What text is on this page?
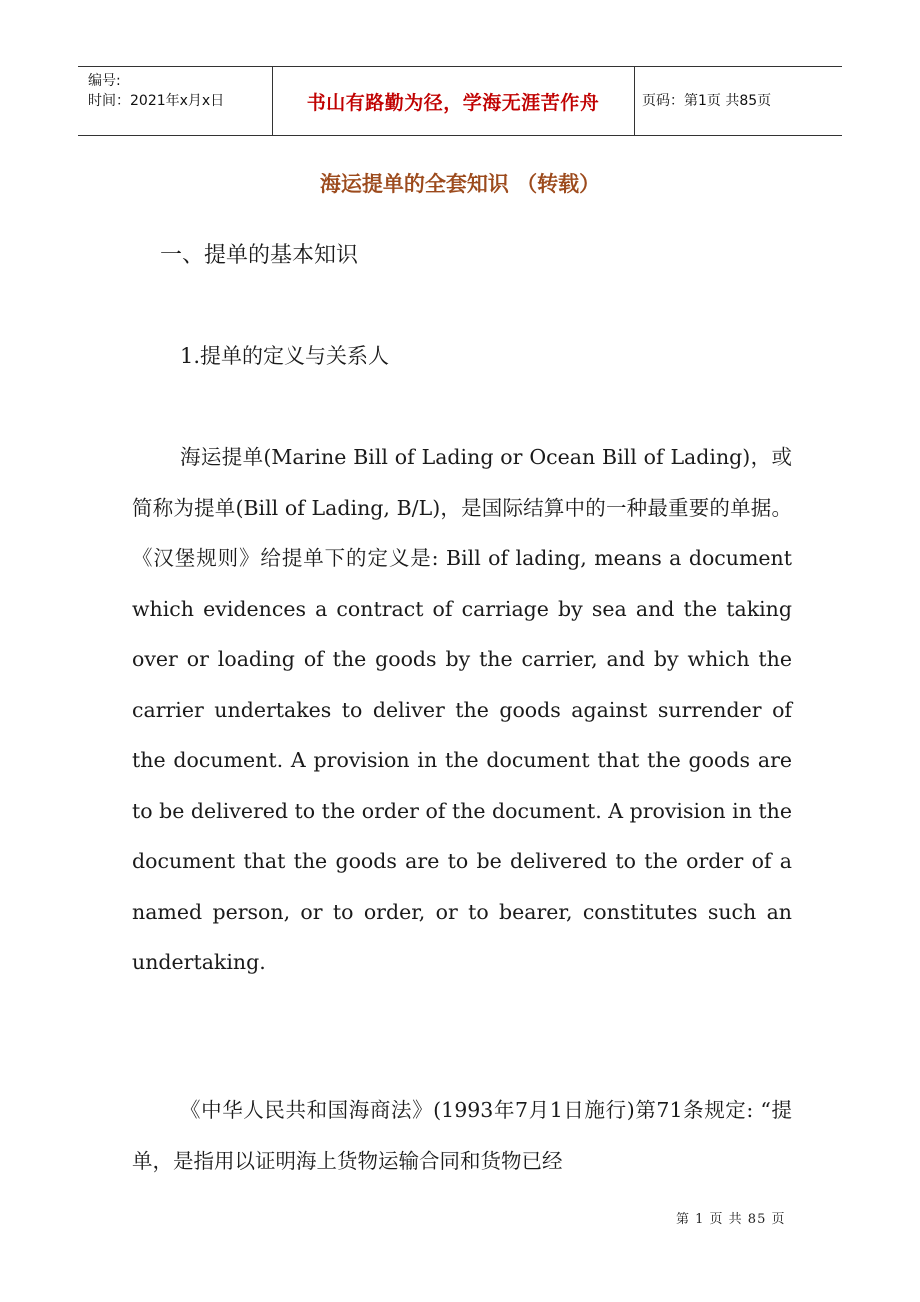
编号:
时间：2021年x月x日	书山有路勤为径，学海无涯苦作舟	页码：第1页 共85页
海运提单的全套知识 （转载）
一、提单的基本知识
1.提单的定义与关系人
海运提单(Marine Bill of Lading or Ocean Bill of Lading)，或简称为提单(Bill of Lading, B/L)，是国际结算中的一种最重要的单据。《汉堡规则》给提单下的定义是: Bill of lading, means a document which evidences a contract of carriage by sea and the taking over or loading of the goods by the carrier, and by which the carrier undertakes to deliver the goods against surrender of the document. A provision in the document that the goods are to be delivered to the order of the document. A provision in the document that the goods are to be delivered to the order of a named person, or to order, or to bearer, constitutes such an undertaking.
《中华人民共和国海商法》(1993年7月1日施行)第71条规定: “提单，是指用以证明海上货物运输合同和货物已经
第 1 页 共 85 页
